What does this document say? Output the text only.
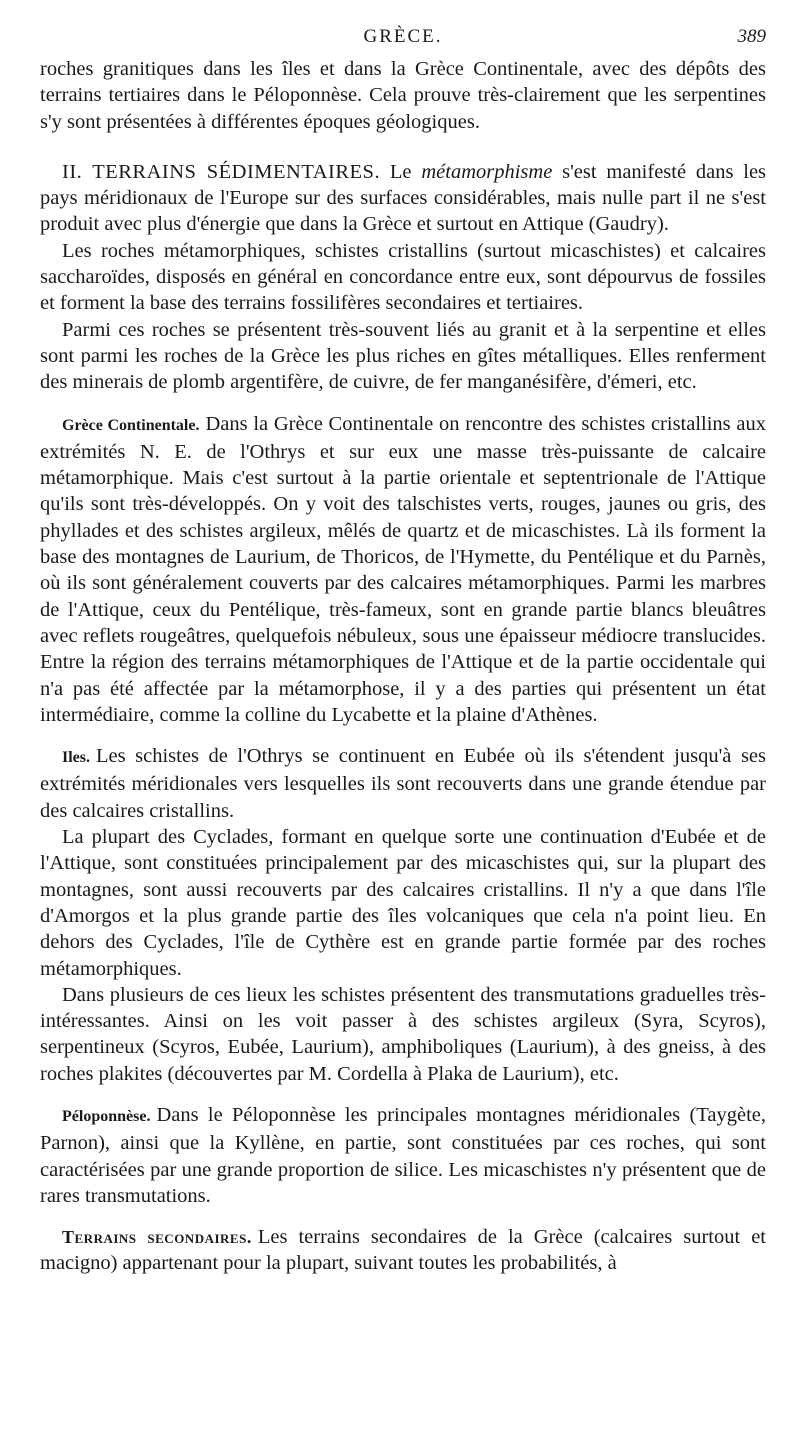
GRÈCE.	389

roches granitiques dans les îles et dans la Grèce Continentale, avec des dépôts des terrains tertiaires dans le Péloponnèse. Cela prouve très-clairement que les serpentines s'y sont présentées à différentes époques géologiques.

II. TERRAINS SÉDIMENTAIRES. Le métamorphisme s'est manifesté dans les pays méridionaux de l'Europe sur des surfaces considérables, mais nulle part il ne s'est produit avec plus d'énergie que dans la Grèce et surtout en Attique (Gaudry).

Les roches métamorphiques, schistes cristallins (surtout micaschistes) et calcaires saccharoïdes, disposés en général en concordance entre eux, sont dépourvus de fossiles et forment la base des terrains fossilifères secondaires et tertiaires.

Parmi ces roches se présentent très-souvent liés au granit et à la serpentine et elles sont parmi les roches de la Grèce les plus riches en gîtes métalliques. Elles renferment des minerais de plomb argentifère, de cuivre, de fer manganésifère, d'émeri, etc.

Grèce Continentale. Dans la Grèce Continentale on rencontre des schistes cristallins aux extrémités N. E. de l'Othrys et sur eux une masse très-puissante de calcaire métamorphique. Mais c'est surtout à la partie orientale et septentrionale de l'Attique qu'ils sont très-développés. On y voit des talschistes verts, rouges, jaunes ou gris, des phyllades et des schistes argileux, mêlés de quartz et de micaschistes. Là ils forment la base des montagnes de Laurium, de Thoricos, de l'Hymette, du Pentélique et du Parnès, où ils sont généralement couverts par des calcaires métamorphiques. Parmi les marbres de l'Attique, ceux du Pentélique, très-fameux, sont en grande partie blancs bleuâtres avec reflets rougeâtres, quelquefois nébuleux, sous une épaisseur médiocre translucides. Entre la région des terrains métamorphiques de l'Attique et de la partie occidentale qui n'a pas été affectée par la métamorphose, il y a des parties qui présentent un état intermédiaire, comme la colline du Lycabette et la plaine d'Athènes.

Iles. Les schistes de l'Othrys se continuent en Eubée où ils s'étendent jusqu'à ses extrémités méridionales vers lesquelles ils sont recouverts dans une grande étendue par des calcaires cristallins.

La plupart des Cyclades, formant en quelque sorte une continuation d'Eubée et de l'Attique, sont constituées principalement par des micaschistes qui, sur la plupart des montagnes, sont aussi recouverts par des calcaires cristallins. Il n'y a que dans l'île d'Amorgos et la plus grande partie des îles volcaniques que cela n'a point lieu. En dehors des Cyclades, l'île de Cythère est en grande partie formée par des roches métamorphiques.

Dans plusieurs de ces lieux les schistes présentent des transmutations graduelles très-intéressantes. Ainsi on les voit passer à des schistes argileux (Syra, Scyros), serpentineux (Scyros, Eubée, Laurium), amphiboliques (Laurium), à des gneiss, à des roches plakites (découvertes par M. Cordella à Plaka de Laurium), etc.

Péloponnèse. Dans le Péloponnèse les principales montagnes méridionales (Taygète, Parnon), ainsi que la Kyllène, en partie, sont constituées par ces roches, qui sont caractérisées par une grande proportion de silice. Les micaschistes n'y présentent que de rares transmutations.

Terrains secondaires. Les terrains secondaires de la Grèce (calcaires surtout et macigno) appartenant pour la plupart, suivant toutes les probabilités, à
